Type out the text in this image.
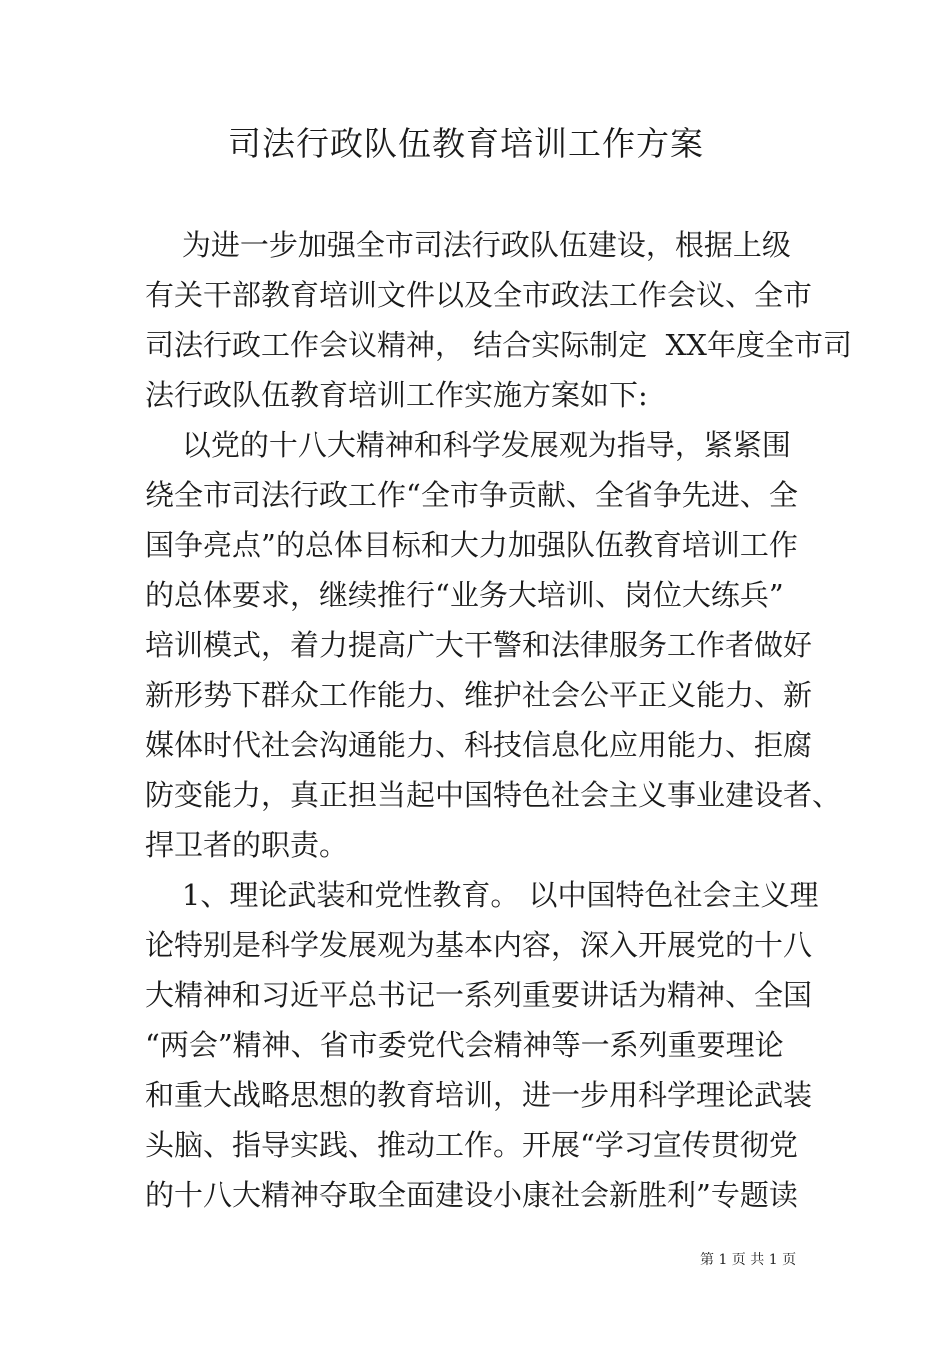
司法行政队伍教育培训工作方案

为进一步加强全市司法行政队伍建设，根据上级

有关干部教育培训文件以及全市政法工作会议、全市

司法行政工作会议精神， 结合实际制定  XX年度全市司

法行政队伍教育培训工作实施方案如下:

以党的十八大精神和科学发展观为指导，紧紧围

绕全市司法行政工作“全市争贡献、全省争先进、全

国争亮点”的总体目标和大力加强队伍教育培训工作

的总体要求，继续推行“业务大培训、岗位大练兵”

培训模式，着力提高广大干警和法律服务工作者做好

新形势下群众工作能力、维护社会公平正义能力、新

媒体时代社会沟通能力、科技信息化应用能力、拒腐

防变能力，真正担当起中国特色社会主义事业建设者、

捍卫者的职责。

1、理论武装和党性教育。 以中国特色社会主义理

论特别是科学发展观为基本内容，深入开展党的十八

大精神和习近平总书记一系列重要讲话为精神、全国

“两会”精神、省市委党代会精神等一系列重要理论

和重大战略思想的教育培训，进一步用科学理论武装

头脑、指导实践、推动工作。开展“学习宣传贯彻党

的十八大精神夺取全面建设小康社会新胜利”专题读

第 1 页 共 1 页
